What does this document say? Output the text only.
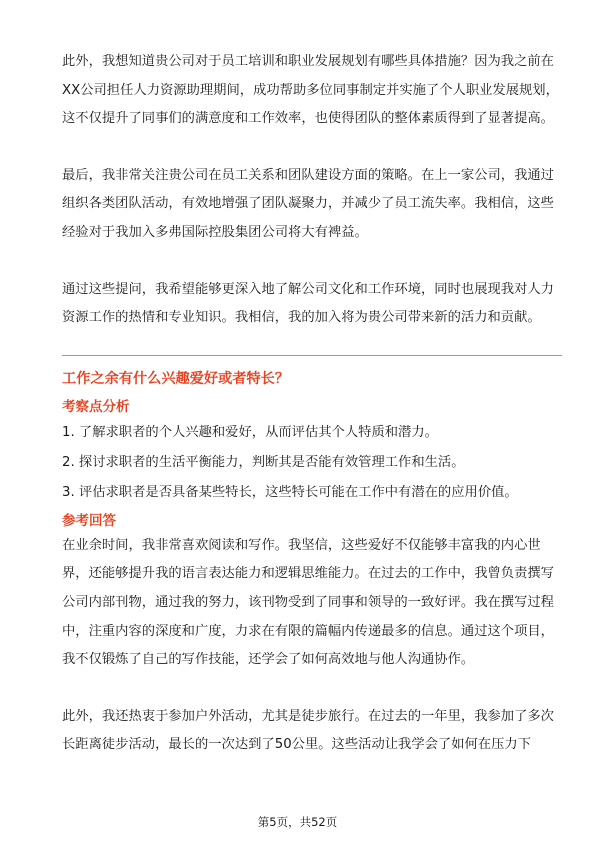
此外，我想知道贵公司对于员工培训和职业发展规划有哪些具体措施？因为我之前在XX公司担任人力资源助理期间，成功帮助多位同事制定并实施了个人职业发展规划，这不仅提升了同事们的满意度和工作效率，也使得团队的整体素质得到了显著提高。

最后，我非常关注贵公司在员工关系和团队建设方面的策略。在上一家公司，我通过组织各类团队活动，有效地增强了团队凝聚力，并减少了员工流失率。我相信，这些经验对于我加入多弗国际控股集团公司将大有裨益。

通过这些提问，我希望能够更深入地了解公司文化和工作环境，同时也展现我对人力资源工作的热情和专业知识。我相信，我的加入将为贵公司带来新的活力和贡献。

工作之余有什么兴趣爱好或者特长？
考察点分析
1. 了解求职者的个人兴趣和爱好，从而评估其个人特质和潜力。
2. 探讨求职者的生活平衡能力，判断其是否能有效管理工作和生活。
3. 评估求职者是否具备某些特长，这些特长可能在工作中有潜在的应用价值。
参考回答

在业余时间，我非常喜欢阅读和写作。我坚信，这些爱好不仅能够丰富我的内心世界，还能够提升我的语言表达能力和逻辑思维能力。在过去的工作中，我曾负责撰写公司内部刊物，通过我的努力，该刊物受到了同事和领导的一致好评。我在撰写过程中，注重内容的深度和广度，力求在有限的篇幅内传递最多的信息。通过这个项目，我不仅锻炼了自己的写作技能，还学会了如何高效地与他人沟通协作。

此外，我还热衷于参加户外活动，尤其是徒步旅行。在过去的一年里，我参加了多次长距离徒步活动，最长的一次达到了50公里。这些活动让我学会了如何在压力下

第5页，共52页
